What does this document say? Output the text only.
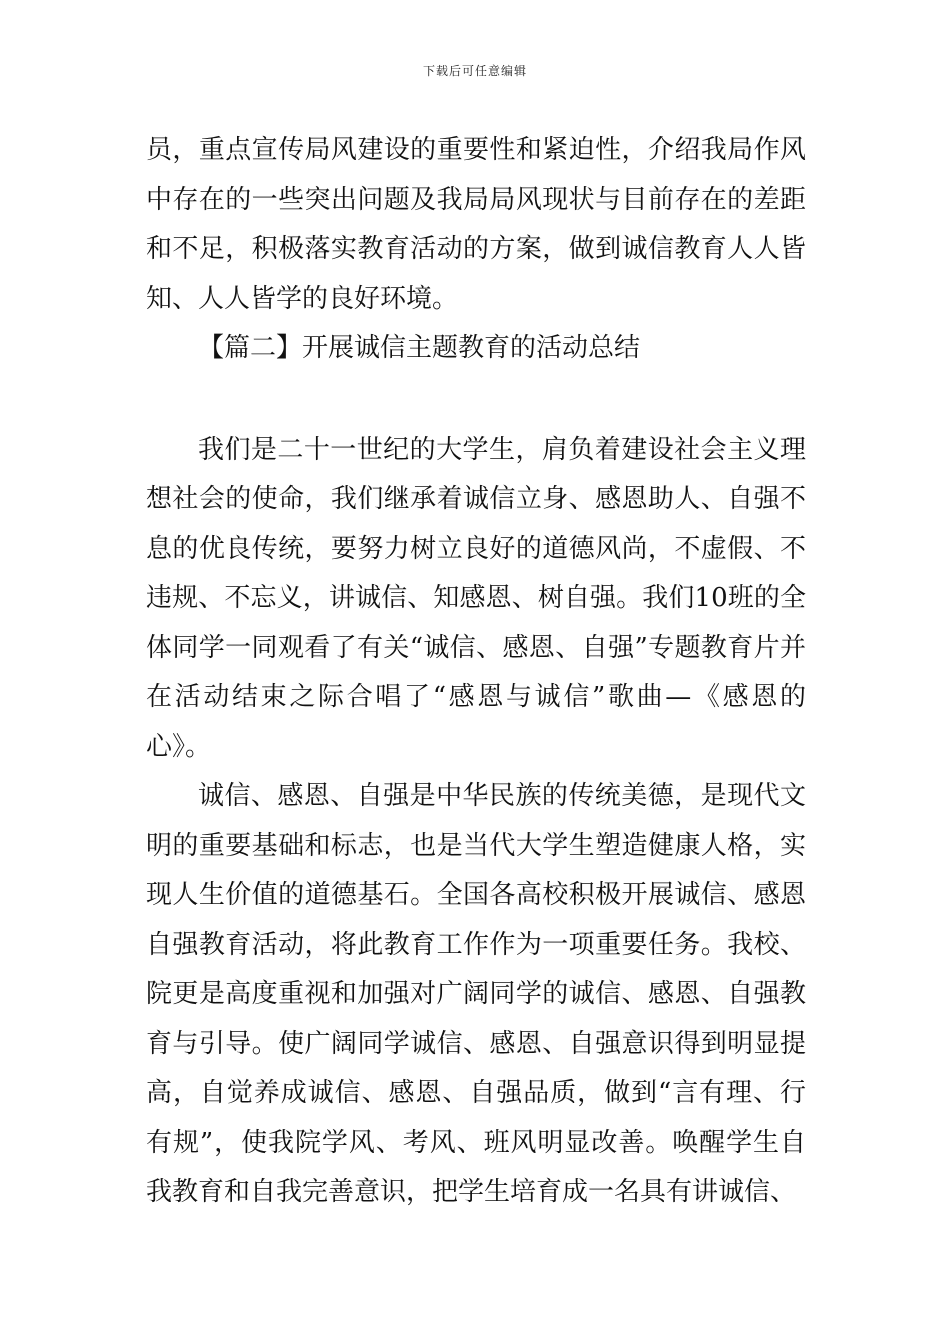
下载后可任意编辑

员，重点宣传局风建设的重要性和紧迫性，介绍我局作风中存在的一些突出问题及我局局风现状与目前存在的差距和不足，积极落实教育活动的方案，做到诚信教育人人皆知、人人皆学的良好环境。

【篇二】开展诚信主题教育的活动总结

我们是二十一世纪的大学生，肩负着建设社会主义理想社会的使命，我们继承着诚信立身、感恩助人、自强不息的优良传统，要努力树立良好的道德风尚，不虚假、不违规、不忘义，讲诚信、知感恩、树自强。我们10班的全体同学一同观看了有关“诚信、感恩、自强”专题教育片并在活动结束之际合唱了“感恩与诚信”歌曲—《感恩的心》。

诚信、感恩、自强是中华民族的传统美德，是现代文明的重要基础和标志，也是当代大学生塑造健康人格，实现人生价值的道德基石。全国各高校积极开展诚信、感恩自强教育活动，将此教育工作作为一项重要任务。我校、院更是高度重视和加强对广阔同学的诚信、感恩、自强教育与引导。使广阔同学诚信、感恩、自强意识得到明显提高，自觉养成诚信、感恩、自强品质，做到“言有理、行有规”，使我院学风、考风、班风明显改善。唤醒学生自我教育和自我完善意识，把学生培育成一名具有讲诚信、
